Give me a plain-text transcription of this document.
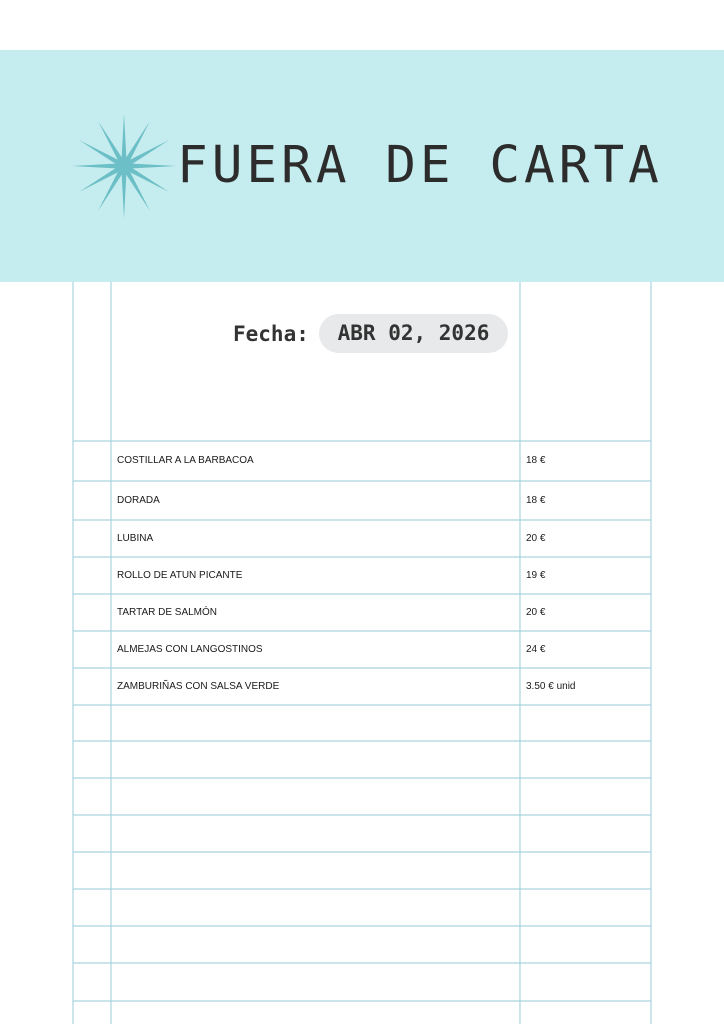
FUERA DE CARTA
Fecha:	ABR 02, 2026
COSTILLAR A LA BARBACOA	18 €
DORADA	18 €
LUBINA	20 €
ROLLO DE ATUN PICANTE	19 €
TARTAR DE SALMÓN	20 €
ALMEJAS CON LANGOSTINOS	24 €
ZAMBURIÑAS CON SALSA VERDE	3.50 € unid
